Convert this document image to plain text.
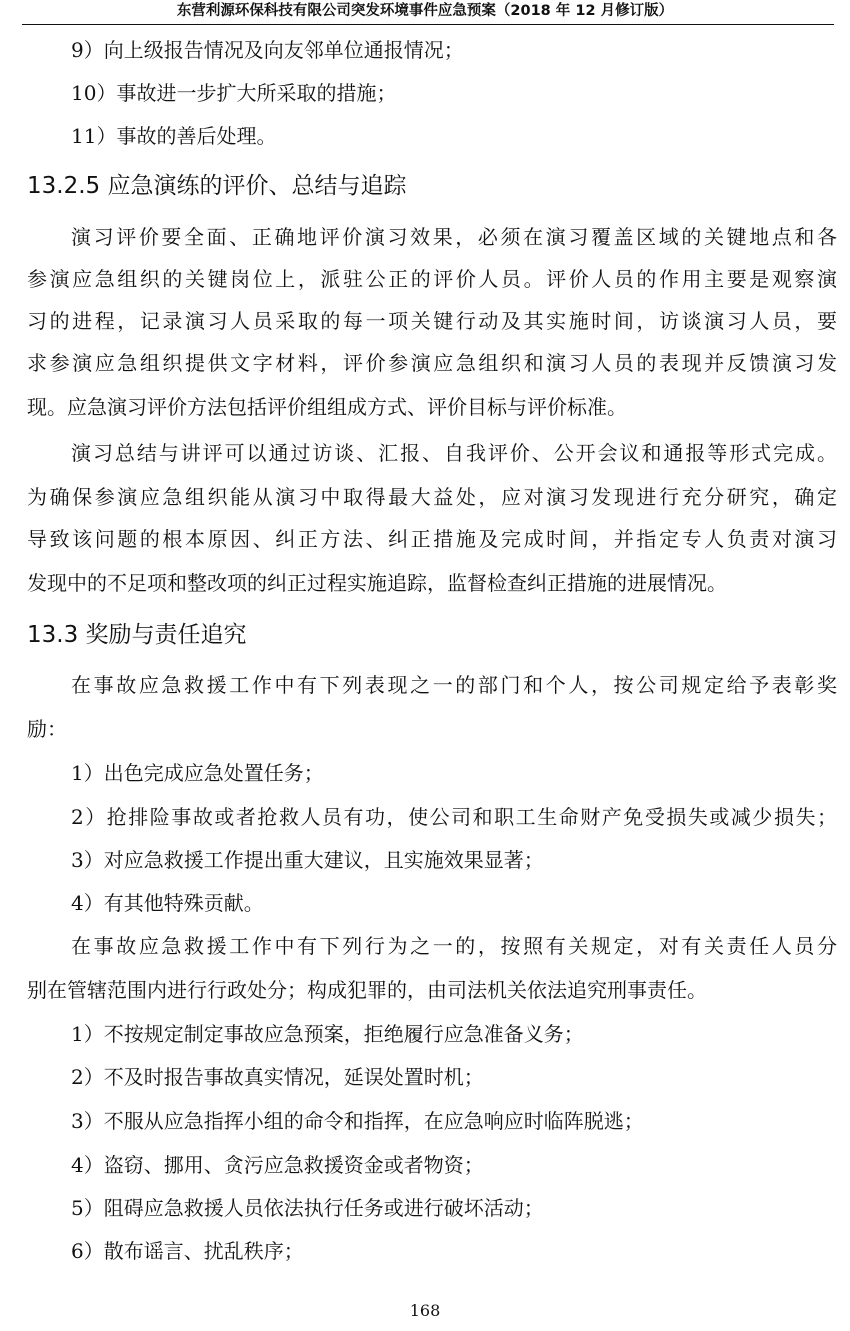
东营利源环保科技有限公司突发环境事件应急预案（2018 年 12 月修订版）
9）向上级报告情况及向友邻单位通报情况；
10）事故进一步扩大所采取的措施；
11）事故的善后处理。
13.2.5 应急演练的评价、总结与追踪
演习评价要全面、正确地评价演习效果，必须在演习覆盖区域的关键地点和各
参演应急组织的关键岗位上，派驻公正的评价人员。评价人员的作用主要是观察演
习的进程，记录演习人员采取的每一项关键行动及其实施时间，访谈演习人员，要
求参演应急组织提供文字材料，评价参演应急组织和演习人员的表现并反馈演习发
现。应急演习评价方法包括评价组组成方式、评价目标与评价标准。
演习总结与讲评可以通过访谈、汇报、自我评价、公开会议和通报等形式完成。
为确保参演应急组织能从演习中取得最大益处，应对演习发现进行充分研究，确定
导致该问题的根本原因、纠正方法、纠正措施及完成时间，并指定专人负责对演习
发现中的不足项和整改项的纠正过程实施追踪，监督检查纠正措施的进展情况。
13.3 奖励与责任追究
在事故应急救援工作中有下列表现之一的部门和个人，按公司规定给予表彰奖
励：
1）出色完成应急处置任务；
2）抢排险事故或者抢救人员有功，使公司和职工生命财产免受损失或减少损失；
3）对应急救援工作提出重大建议，且实施效果显著；
4）有其他特殊贡献。
在事故应急救援工作中有下列行为之一的，按照有关规定，对有关责任人员分
别在管辖范围内进行行政处分；构成犯罪的，由司法机关依法追究刑事责任。
1）不按规定制定事故应急预案，拒绝履行应急准备义务；
2）不及时报告事故真实情况，延误处置时机；
3）不服从应急指挥小组的命令和指挥，在应急响应时临阵脱逃；
4）盗窃、挪用、贪污应急救援资金或者物资；
5）阻碍应急救援人员依法执行任务或进行破坏活动；
6）散布谣言、扰乱秩序；
168
